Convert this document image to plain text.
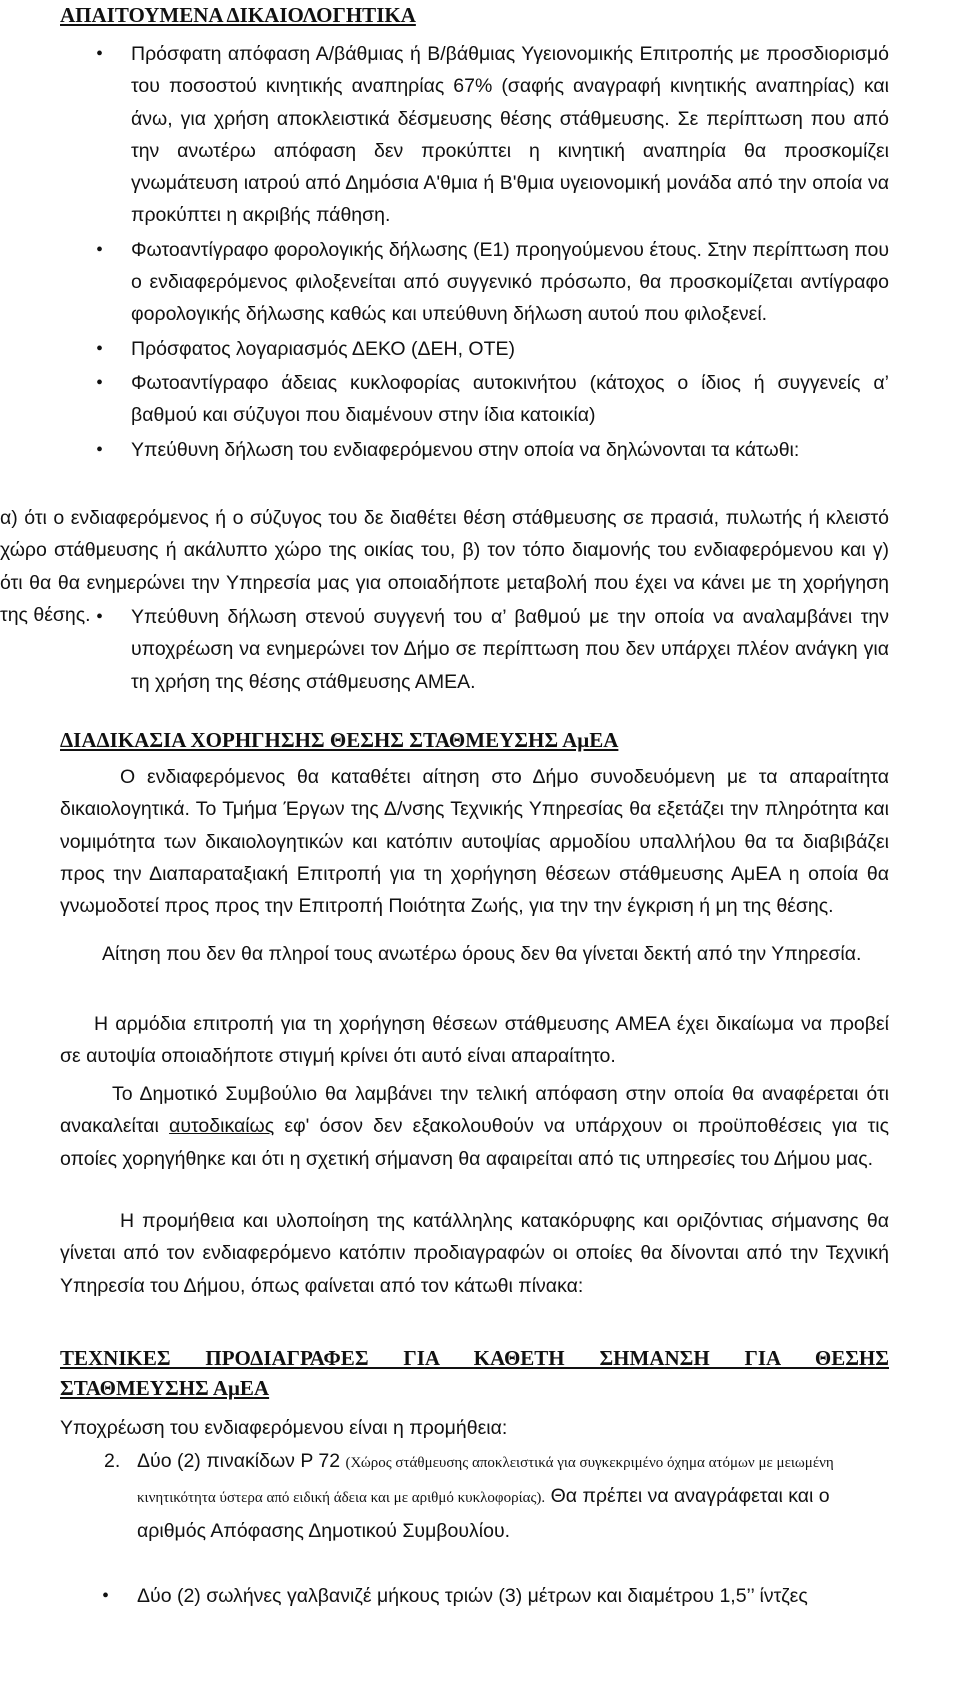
ΑΠΑΙΤΟΥΜΕΝΑ ΔΙΚΑΙΟΛΟΓΗΤΙΚΑ
• Πρόσφατη απόφαση Α/βάθμιας ή Β/βάθμιας Υγειονομικής Επιτροπής με προσδιορισμό του ποσοστού κινητικής αναπηρίας 67% (σαφής αναγραφή κινητικής αναπηρίας) και άνω, για χρήση αποκλειστικά δέσμευσης θέσης στάθμευσης. Σε περίπτωση που από την ανωτέρω απόφαση δεν προκύπτει η κινητική αναπηρία θα προσκομίζει γνωμάτευση ιατρού από Δημόσια Α'θμια ή Β'θμια υγειονομική μονάδα από την οποία να προκύπτει η ακριβής πάθηση.
• Φωτοαντίγραφο φορολογικής δήλωσης (Ε1) προηγούμενου έτους. Στην περίπτωση που ο ενδιαφερόμενος φιλοξενείται από συγγενικό πρόσωπο, θα προσκομίζεται αντίγραφο φορολογικής δήλωσης καθώς και υπεύθυνη δήλωση αυτού που φιλοξενεί.
• Πρόσφατος λογαριασμός ΔΕΚΟ (ΔΕΗ, ΟΤΕ)
• Φωτοαντίγραφο άδειας κυκλοφορίας αυτοκινήτου (κάτοχος ο ίδιος ή συγγενείς α’ βαθμού και σύζυγοι που διαμένουν στην ίδια κατοικία)
• Υπεύθυνη δήλωση του ενδιαφερόμενου στην οποία να δηλώνονται τα κάτωθι:

α) ότι ο ενδιαφερόμενος ή ο σύζυγος του δε διαθέτει θέση στάθμευσης σε πρασιά, πυλωτής ή κλειστό χώρο στάθμευσης ή ακάλυπτο χώρο της οικίας του, β) τον τόπο διαμονής του ενδιαφερόμενου και γ) ότι θα θα ενημερώνει την Υπηρεσία μας για οποιαδήποτε μεταβολή που έχει να κάνει με τη χορήγηση της θέσης.

•	Υπεύθυνη δήλωση στενού συγγενή του α’ βαθμού με την οποία να αναλαμβάνει την υποχρέωση να ενημερώνει τον Δήμο σε περίπτωση που δεν υπάρχει πλέον ανάγκη για τη χρήση της θέσης στάθμευσης ΑΜΕΑ.
ΔΙΑΔΙΚΑΣΙΑ ΧΟΡΗΓΗΣΗΣ ΘΕΣΗΣ ΣΤΑΘΜΕΥΣΗΣ ΑμΕΑ

Ο ενδιαφερόμενος θα καταθέτει αίτηση στο Δήμο συνοδευόμενη με τα απαραίτητα δικαιολογητικά. Το Τμήμα Έργων της Δ/νσης Τεχνικής Υπηρεσίας θα εξετάζει την πληρότητα και νομιμότητα των δικαιολογητικών και κατόπιν αυτοψίας αρμοδίου υπαλλήλου θα τα διαβιβάζει προς την Διαπαραταξιακή Επιτροπή για τη χορήγηση θέσεων στάθμευσης ΑμΕΑ η οποία θα γνωμοδοτεί προς προς την Επιτροπή Ποιότητα Ζωής, για την την έγκριση ή μη της θέσης.

Αίτηση που δεν θα πληροί τους ανωτέρω όρους δεν θα γίνεται δεκτή από την Υπηρεσία.

Η αρμόδια επιτροπή για τη χορήγηση θέσεων στάθμευσης ΑΜΕΑ έχει δικαίωμα να προβεί σε αυτοψία οποιαδήποτε στιγμή κρίνει ότι αυτό είναι απαραίτητο.

Το Δημοτικό Συμβούλιο θα λαμβάνει την τελική απόφαση στην οποία θα αναφέρεται ότι ανακαλείται αυτοδικαίως εφ' όσον δεν εξακολουθούν να υπάρχουν οι προϋποθέσεις για τις οποίες χορηγήθηκε και ότι η σχετική σήμανση θα αφαιρείται από τις υπηρεσίες του Δήμου μας.

Η προμήθεια και υλοποίηση της κατάλληλης κατακόρυφης και οριζόντιας σήμανσης θα γίνεται από τον ενδιαφερόμενο κατόπιν προδιαγραφών οι οποίες θα δίνονται από την Τεχνική Υπηρεσία του Δήμου, όπως φαίνεται από τον κάτωθι πίνακα:

ΤΕΧΝΙΚΕΣ ΠΡΟΔΙΑΓΡΑΦΕΣ ΓΙΑ ΚΑΘΕΤΗ ΣΗΜΑΝΣΗ ΓΙΑ ΘΕΣΗΣ
ΣΤΑΘΜΕΥΣΗΣ ΑμΕΑ

Υποχρέωση του ενδιαφερόμενου είναι η προμήθεια:

2. Δύο (2) πινακίδων Ρ 72 (Χώρος στάθμευσης αποκλειστικά για συγκεκριμένο όχημα ατόμων με μειωμένη κινητικότητα ύστερα από ειδική άδεια και με αριθμό κυκλοφορίας). Θα πρέπει να αναγράφεται και ο αριθμός Απόφασης Δημοτικού Συμβουλίου.

• Δύο (2) σωλήνες γαλβανιζέ μήκους τριών (3) μέτρων και διαμέτρου 1,5’’ ίντζες
